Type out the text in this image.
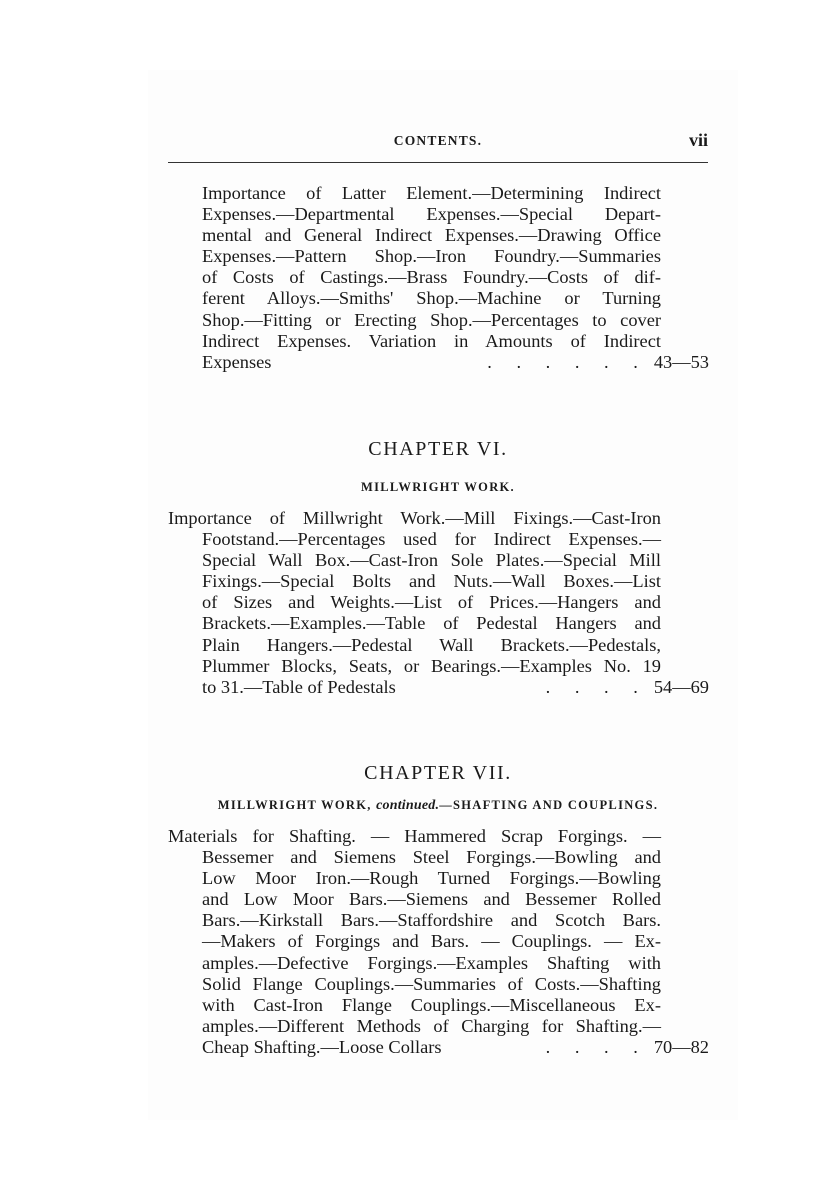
CONTENTS.	vii
Importance of Latter Element.—Determining Indirect
Expenses.—Departmental Expenses.—Special Depart-
mental and General Indirect Expenses.—Drawing Office
Expenses.—Pattern Shop.—Iron Foundry.—Summaries
of Costs of Castings.—Brass Foundry.—Costs of dif-
ferent Alloys.—Smiths' Shop.—Machine or Turning
Shop.—Fitting or Erecting Shop.—Percentages to cover
Indirect Expenses. Variation in Amounts of Indirect
Expenses	. . . . . . 43—53
CHAPTER VI.
MILLWRIGHT WORK.
Importance of Millwright Work.—Mill Fixings.—Cast-Iron
Footstand.—Percentages used for Indirect Expenses.—
Special Wall Box.—Cast-Iron Sole Plates.—Special Mill
Fixings.—Special Bolts and Nuts.—Wall Boxes.—List
of Sizes and Weights.—List of Prices.—Hangers and
Brackets.—Examples.—Table of Pedestal Hangers and
Plain Hangers.—Pedestal Wall Brackets.—Pedestals,
Plummer Blocks, Seats, or Bearings.—Examples No. 19
to 31.—Table of Pedestals	. . . . 54—69
CHAPTER VII.
MILLWRIGHT WORK, continued.—SHAFTING AND COUPLINGS.
Materials for Shafting. — Hammered Scrap Forgings. —
Bessemer and Siemens Steel Forgings.—Bowling and
Low Moor Iron.—Rough Turned Forgings.—Bowling
and Low Moor Bars.—Siemens and Bessemer Rolled
Bars.—Kirkstall Bars.—Staffordshire and Scotch Bars.
—Makers of Forgings and Bars. — Couplings. — Ex-
amples.—Defective Forgings.—Examples Shafting with
Solid Flange Couplings.—Summaries of Costs.—Shafting
with Cast-Iron Flange Couplings.—Miscellaneous Ex-
amples.—Different Methods of Charging for Shafting.—
Cheap Shafting.—Loose Collars	. . . . 70—82
